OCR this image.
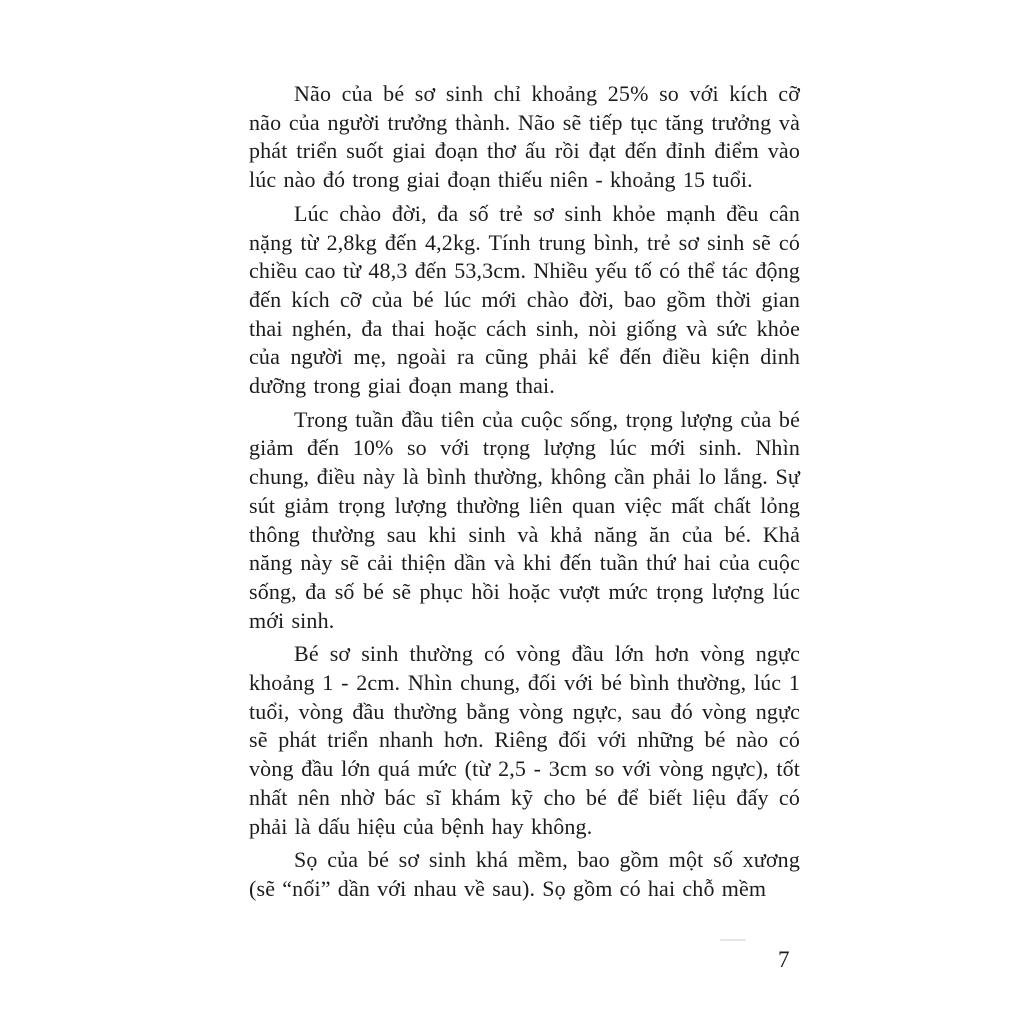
Não của bé sơ sinh chỉ khoảng 25% so với kích cỡ não của người trưởng thành. Não sẽ tiếp tục tăng trưởng và phát triển suốt giai đoạn thơ ấu rồi đạt đến đỉnh điểm vào lúc nào đó trong giai đoạn thiếu niên - khoảng 15 tuổi.

Lúc chào đời, đa số trẻ sơ sinh khỏe mạnh đều cân nặng từ 2,8kg đến 4,2kg. Tính trung bình, trẻ sơ sinh sẽ có chiều cao từ 48,3 đến 53,3cm. Nhiều yếu tố có thể tác động đến kích cỡ của bé lúc mới chào đời, bao gồm thời gian thai nghén, đa thai hoặc cách sinh, nòi giống và sức khỏe của người mẹ, ngoài ra cũng phải kể đến điều kiện dinh dưỡng trong giai đoạn mang thai.

Trong tuần đầu tiên của cuộc sống, trọng lượng của bé giảm đến 10% so với trọng lượng lúc mới sinh. Nhìn chung, điều này là bình thường, không cần phải lo lắng. Sự sút giảm trọng lượng thường liên quan việc mất chất lỏng thông thường sau khi sinh và khả năng ăn của bé. Khả năng này sẽ cải thiện dần và khi đến tuần thứ hai của cuộc sống, đa số bé sẽ phục hồi hoặc vượt mức trọng lượng lúc mới sinh.

Bé sơ sinh thường có vòng đầu lớn hơn vòng ngực khoảng 1 - 2cm. Nhìn chung, đối với bé bình thường, lúc 1 tuổi, vòng đầu thường bằng vòng ngực, sau đó vòng ngực sẽ phát triển nhanh hơn. Riêng đối với những bé nào có vòng đầu lớn quá mức (từ 2,5 - 3cm so với vòng ngực), tốt nhất nên nhờ bác sĩ khám kỹ cho bé để biết liệu đấy có phải là dấu hiệu của bệnh hay không.

Sọ của bé sơ sinh khá mềm, bao gồm một số xương (sẽ “nối” dần với nhau về sau). Sọ gồm có hai chỗ mềm

7
